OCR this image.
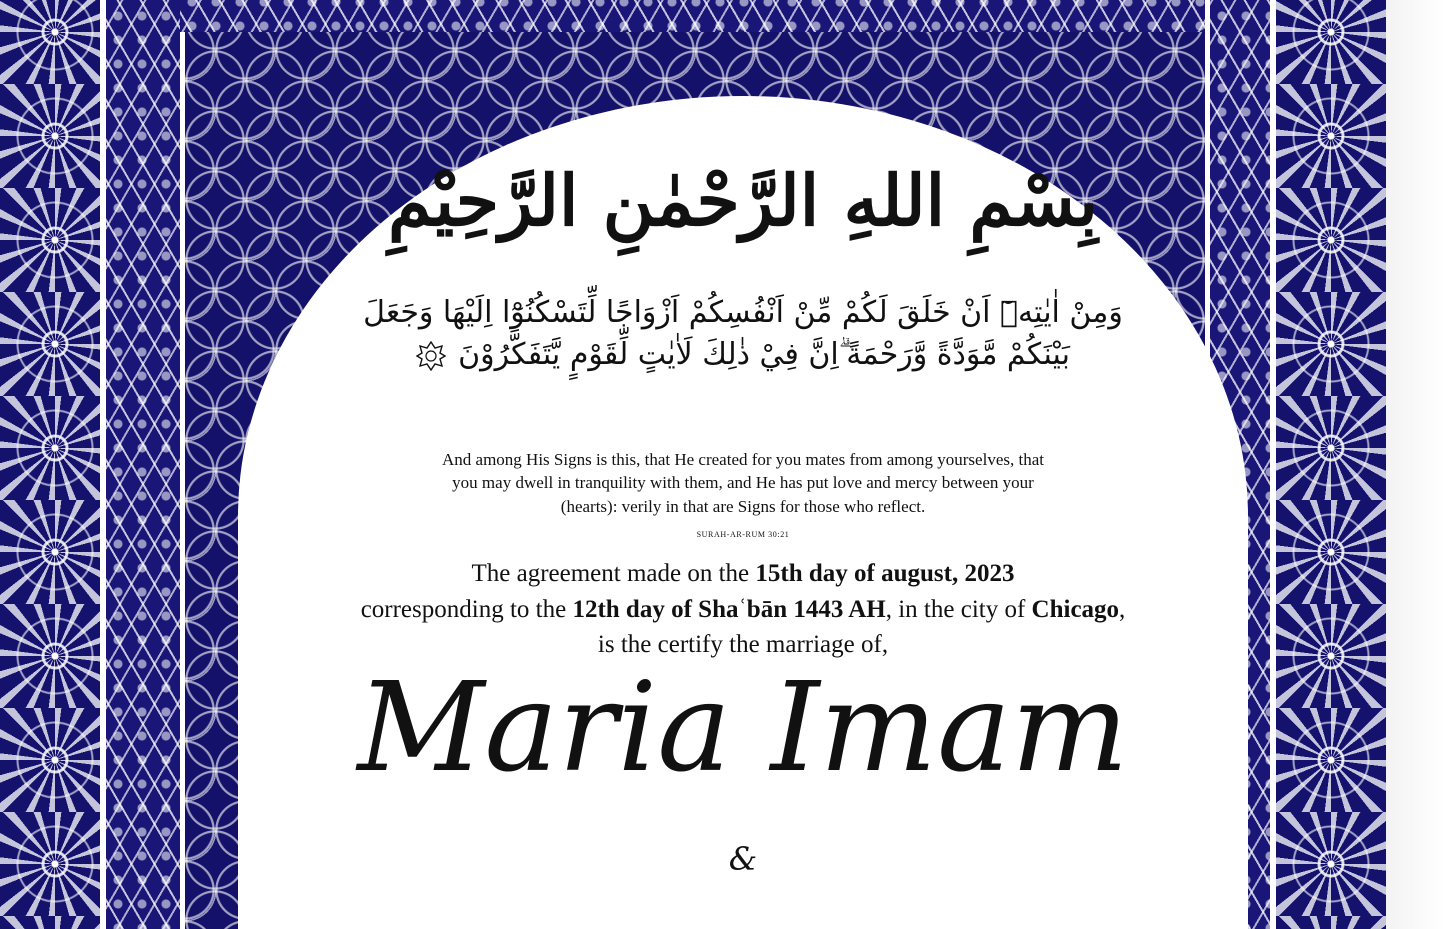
بِسْمِ اللهِ الرَّحْمٰنِ الرَّحِيْمِ
وَمِنْ اٰيٰتِهٖٓ اَنْ خَلَقَ لَكُمْ مِّنْ اَنْفُسِكُمْ اَزْوَاجًا لِّتَسْكُنُوْٓا اِلَيْهَا وَجَعَلَ
بَيْنَكُمْ مَّوَدَّةً وَّرَحْمَةً ۗاِنَّ فِيْ ذٰلِكَ لَاٰيٰتٍ لِّقَوْمٍ يَّتَفَكَّرُوْنَ
And among His Signs is this, that He created for you mates from among yourselves, that
you may dwell in tranquility with them, and He has put love and mercy between your
(hearts): verily in that are Signs for those who reflect.
SURAH-AR-RUM 30:21
The agreement made on the 15th day of august, 2023
corresponding to the 12th day of Shaʿbān 1443 AH, in the city of Chicago,
is the certify the marriage of,
Maria Imam
&
